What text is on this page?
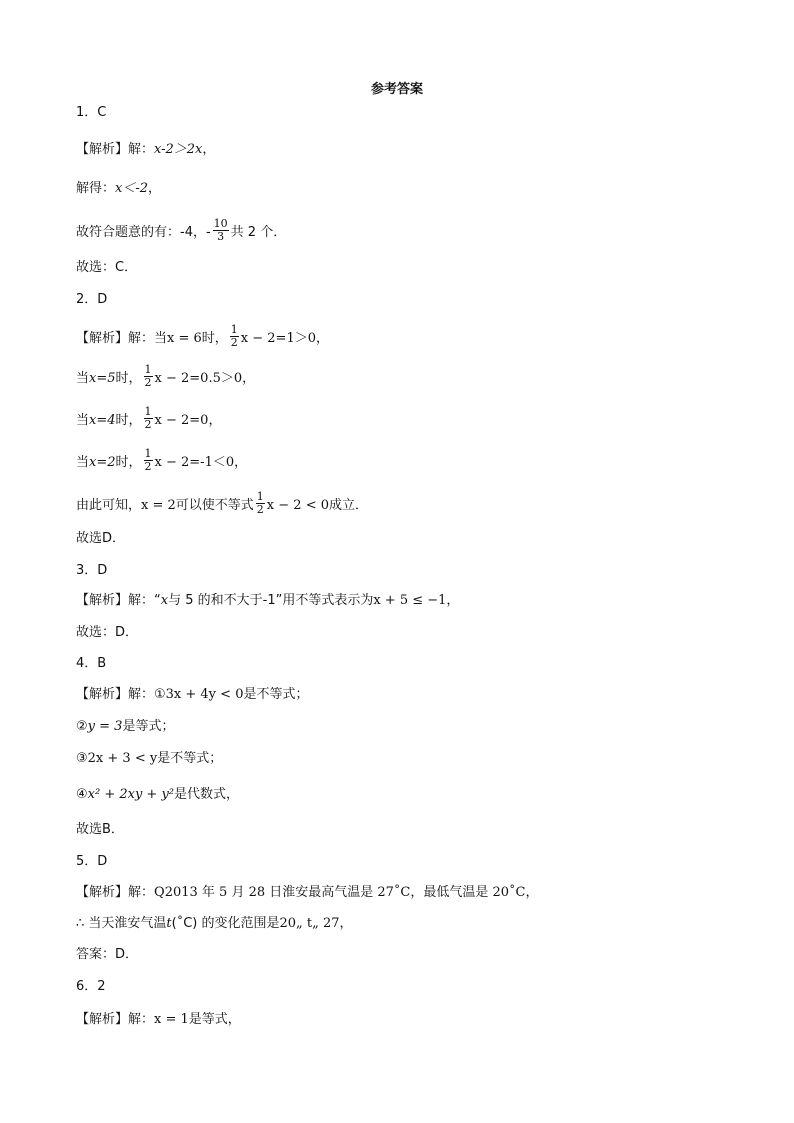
参考答案
1．C
【解析】解：x-2＞2x，
解得：x＜-2，
故符合题意的有：-4，- $\frac{10}{3}$ 共 2 个．
故选：C．
2．D
【解析】解：当x = 6时， $\frac{1}{2}$ x − 2=1＞0，
当x=5时， $\frac{1}{2}$ x − 2=0.5＞0，
当x=4时， $\frac{1}{2}$ x − 2=0，
当x=2时， $\frac{1}{2}$ x − 2=-1＜0，
由此可知，x = 2可以使不等式 $\frac{1}{2}$ x − 2 < 0成立．
故选D．
3．D
【解析】解：“x与 5 的和不大于-1”用不等式表示为x + 5 ≤ −1，
故选：D．
4．B
【解析】解：①3x + 4y < 0是不等式；
②y = 3是等式；
③2x + 3 < y是不等式；
④x² + 2xy + y²是代数式，
故选B．
5．D
【解析】解：Q2013 年 5 月 28 日淮安最高气温是 27˚C，最低气温是 20˚C，
∴ 当天淮安气温t(˚C) 的变化范围是20„ t„ 27，
答案：D．
6．2
【解析】解：x = 1是等式，
